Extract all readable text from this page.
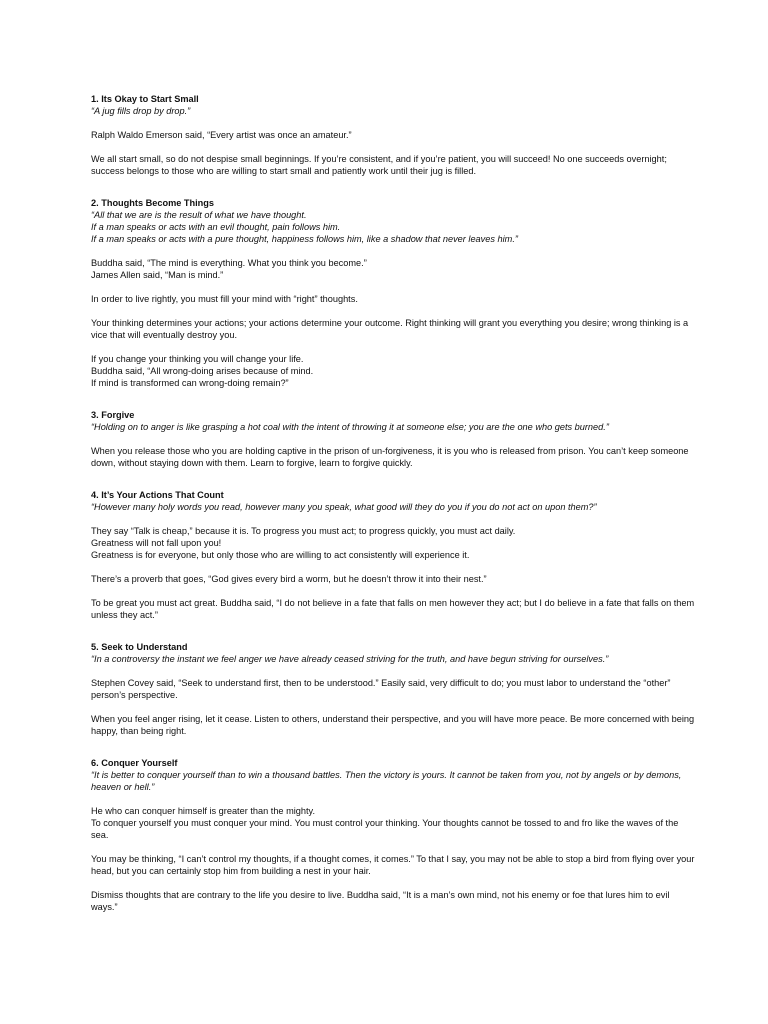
1. Its Okay to Start Small

“A jug fills drop by drop.”

Ralph Waldo Emerson said, “Every artist was once an amateur.”

We all start small, so do not despise small beginnings. If you’re consistent, and if you’re patient, you will succeed! No one succeeds overnight; success belongs to those who are willing to start small and patiently work until their jug is filled.

2. Thoughts Become Things

“All that we are is the result of what we have thought.
If a man speaks or acts with an evil thought, pain follows him.
If a man speaks or acts with a pure thought, happiness follows him, like a shadow that never leaves him.”

Buddha said, “The mind is everything. What you think you become.”
James Allen said, “Man is mind.”

In order to live rightly, you must fill your mind with “right” thoughts.

Your thinking determines your actions; your actions determine your outcome. Right thinking will grant you everything you desire; wrong thinking is a vice that will eventually destroy you.

If you change your thinking you will change your life.
Buddha said, “All wrong-doing arises because of mind.
If mind is transformed can wrong-doing remain?”

3. Forgive

“Holding on to anger is like grasping a hot coal with the intent of throwing it at someone else; you are the one who gets burned.”

When you release those who you are holding captive in the prison of un-forgiveness, it is you who is released from prison. You can’t keep someone down, without staying down with them. Learn to forgive, learn to forgive quickly.

4. It’s Your Actions That Count

“However many holy words you read, however many you speak, what good will they do you if you do not act on upon them?”

They say “Talk is cheap,” because it is. To progress you must act; to progress quickly, you must act daily.
Greatness will not fall upon you!
Greatness is for everyone, but only those who are willing to act consistently will experience it.

There’s a proverb that goes, “God gives every bird a worm, but he doesn’t throw it into their nest.”

To be great you must act great. Buddha said, “I do not believe in a fate that falls on men however they act; but I do believe in a fate that falls on them unless they act.”

5. Seek to Understand

“In a controversy the instant we feel anger we have already ceased striving for the truth, and have begun striving for ourselves.”

Stephen Covey said, “Seek to understand first, then to be understood.” Easily said, very difficult to do; you must labor to understand the “other” person’s perspective.

When you feel anger rising, let it cease. Listen to others, understand their perspective, and you will have more peace. Be more concerned with being happy, than being right.

6. Conquer Yourself

“It is better to conquer yourself than to win a thousand battles. Then the victory is yours. It cannot be taken from you, not by angels or by demons, heaven or hell.”

He who can conquer himself is greater than the mighty.
To conquer yourself you must conquer your mind. You must control your thinking. Your thoughts cannot be tossed to and fro like the waves of the sea.

You may be thinking, “I can’t control my thoughts, if a thought comes, it comes.” To that I say, you may not be able to stop a bird from flying over your head, but you can certainly stop him from building a nest in your hair.

Dismiss thoughts that are contrary to the life you desire to live. Buddha said, “It is a man’s own mind, not his enemy or foe that lures him to evil ways.”
